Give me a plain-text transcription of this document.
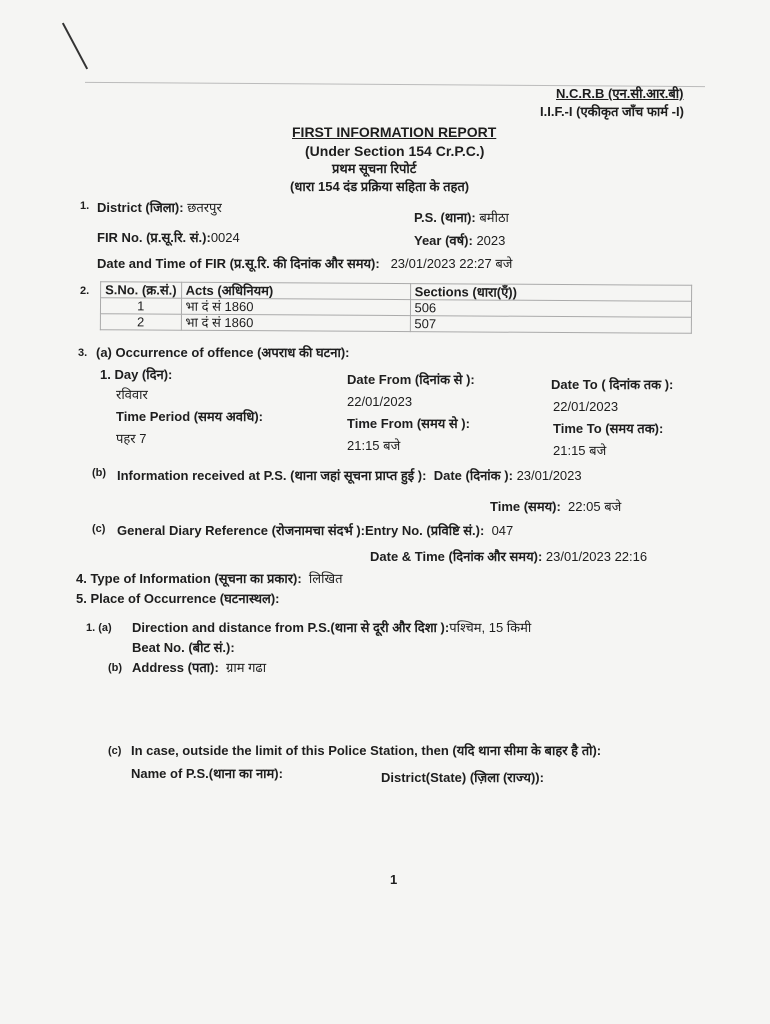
N.C.R.B (एन.सी.आर.बी)
I.I.F.-I (एकीकृत जाँच फार्म -I)
FIRST INFORMATION REPORT
(Under Section 154 Cr.P.C.)
प्रथम सूचना रिपोर्ट
(धारा 154 दंड प्रक्रिया सहिता के तहत)
1. District (जिला): छतरपुर
P.S. (थाना): बमीठा
FIR No. (प्र.सू.रि. सं.):0024	Year (वर्ष): 2023
Date and Time of FIR (प्र.सू.रि. की दिनांक और समय): 23/01/2023 22:27 बजे
2. S.No. (क्र.सं.)	Acts (अधिनियम)	Sections (धारा(एँ))
1	भा दं सं 1860	506
2	भा दं सं 1860	507
3. (a) Occurrence of offence (अपराध की घटना):
1. Day (दिन):
रविवार
Time Period (समय अवधि):
पहर 7
Date From (दिनांक से ):
22/01/2023
Time From (समय से ):
21:15 बजे
Date To ( दिनांक तक ):
22/01/2023
Time To (समय तक):
21:15 बजे
(b) Information received at P.S. (थाना जहां सूचना प्राप्त हुई ): Date (दिनांक ): 23/01/2023
Time (समय): 22:05 बजे
(c) General Diary Reference (रोजनामचा संदर्भ ):Entry No. (प्रविष्टि सं.): 047
Date & Time (दिनांक और समय): 23/01/2023 22:16
4. Type of Information (सूचना का प्रकार): लिखित
5. Place of Occurrence (घटनास्थल):
1. (a) Direction and distance from P.S.(थाना से दूरी और दिशा ):पश्चिम, 15 किमी
Beat No. (बीट सं.):
(b) Address (पता): ग्राम गढा
(c) In case, outside the limit of this Police Station, then (यदि थाना सीमा के बाहर है तो):
Name of P.S.(थाना का नाम):	District(State) (ज़िला (राज्य)):
1
